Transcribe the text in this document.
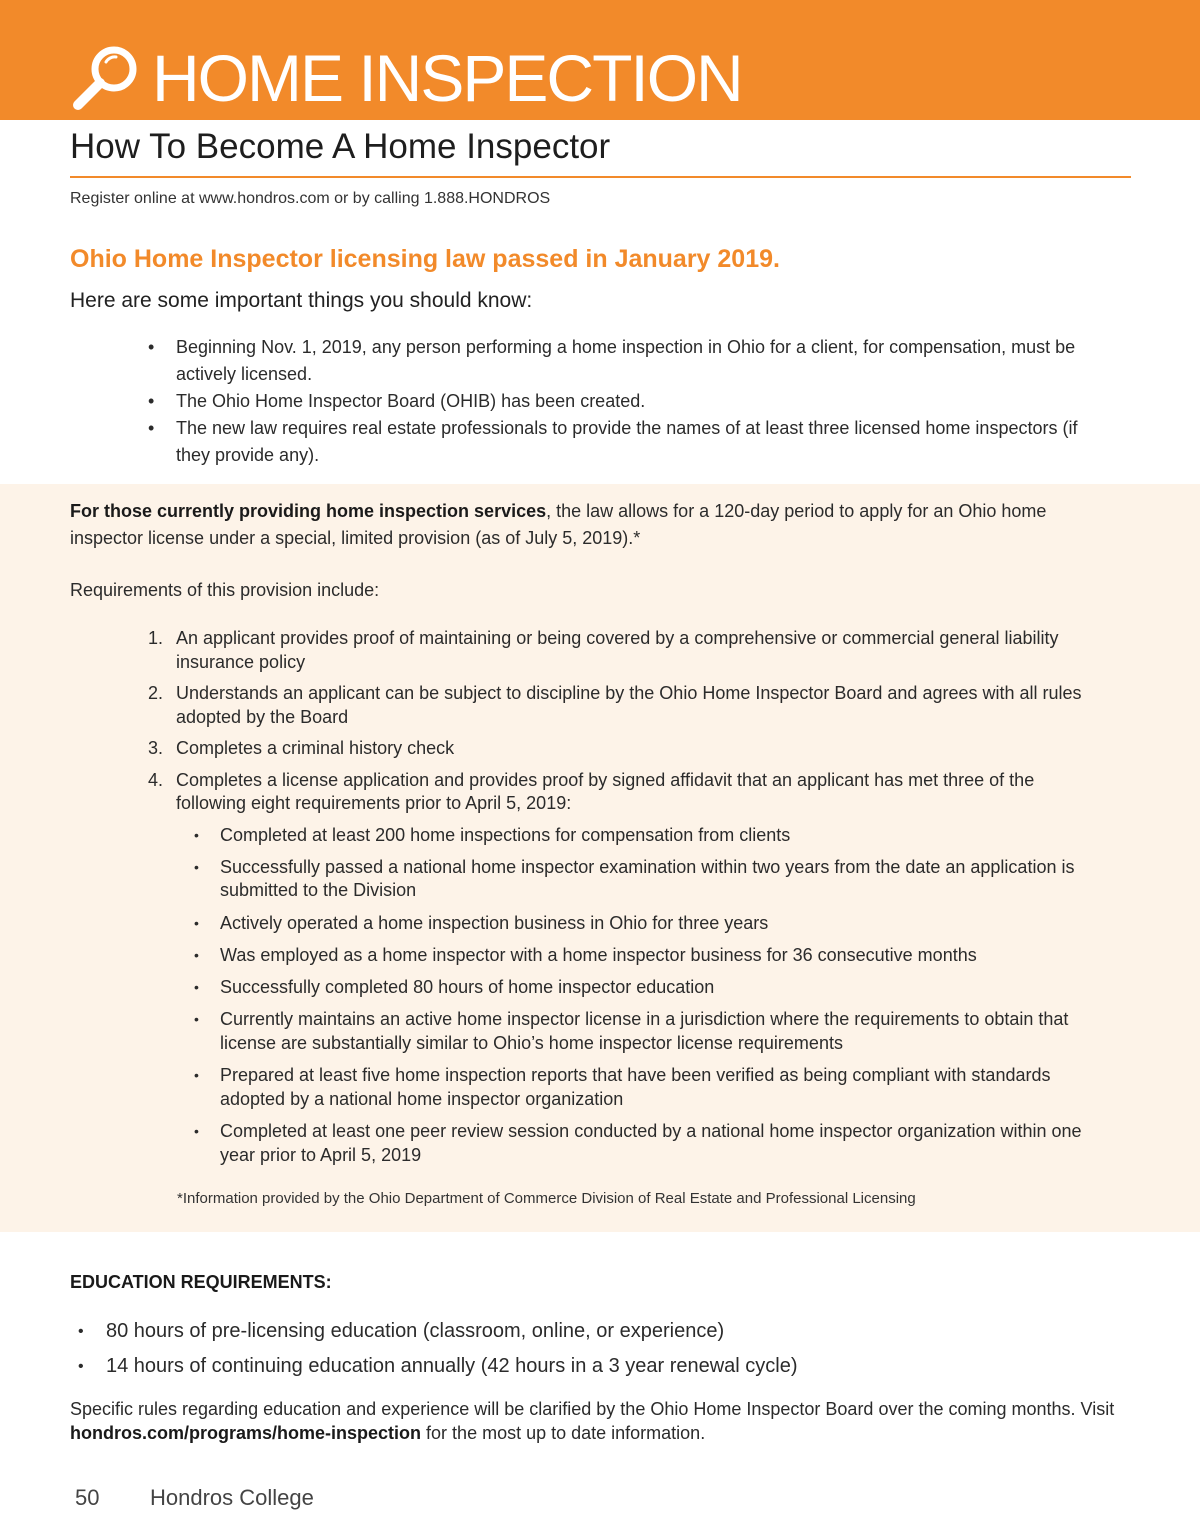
HOME INSPECTION
How To Become A Home Inspector
Register online at www.hondros.com or by calling 1.888.HONDROS
Ohio Home Inspector licensing law passed in January 2019.
Here are some important things you should know:
• Beginning Nov. 1, 2019, any person performing a home inspection in Ohio for a client, for compensation, must be actively licensed.
• The Ohio Home Inspector Board (OHIB) has been created.
• The new law requires real estate professionals to provide the names of at least three licensed home inspectors (if they provide any).
For those currently providing home inspection services, the law allows for a 120-day period to apply for an Ohio home inspector license under a special, limited provision (as of July 5, 2019).*
Requirements of this provision include:
1. An applicant provides proof of maintaining or being covered by a comprehensive or commercial general liability insurance policy
2. Understands an applicant can be subject to discipline by the Ohio Home Inspector Board and agrees with all rules adopted by the Board
3. Completes a criminal history check
4. Completes a license application and provides proof by signed affidavit that an applicant has met three of the following eight requirements prior to April 5, 2019:
• Completed at least 200 home inspections for compensation from clients
• Successfully passed a national home inspector examination within two years from the date an application is submitted to the Division
• Actively operated a home inspection business in Ohio for three years
• Was employed as a home inspector with a home inspector business for 36 consecutive months
• Successfully completed 80 hours of home inspector education
• Currently maintains an active home inspector license in a jurisdiction where the requirements to obtain that license are substantially similar to Ohio’s home inspector license requirements
• Prepared at least five home inspection reports that have been verified as being compliant with standards adopted by a national home inspector organization
• Completed at least one peer review session conducted by a national home inspector organization within one year prior to April 5, 2019
*Information provided by the Ohio Department of Commerce Division of Real Estate and Professional Licensing
EDUCATION REQUIREMENTS:
• 80 hours of pre-licensing education (classroom, online, or experience)
• 14 hours of continuing education annually (42 hours in a 3 year renewal cycle)
Specific rules regarding education and experience will be clarified by the Ohio Home Inspector Board over the coming months. Visit hondros.com/programs/home-inspection for the most up to date information.
50 Hondros College
